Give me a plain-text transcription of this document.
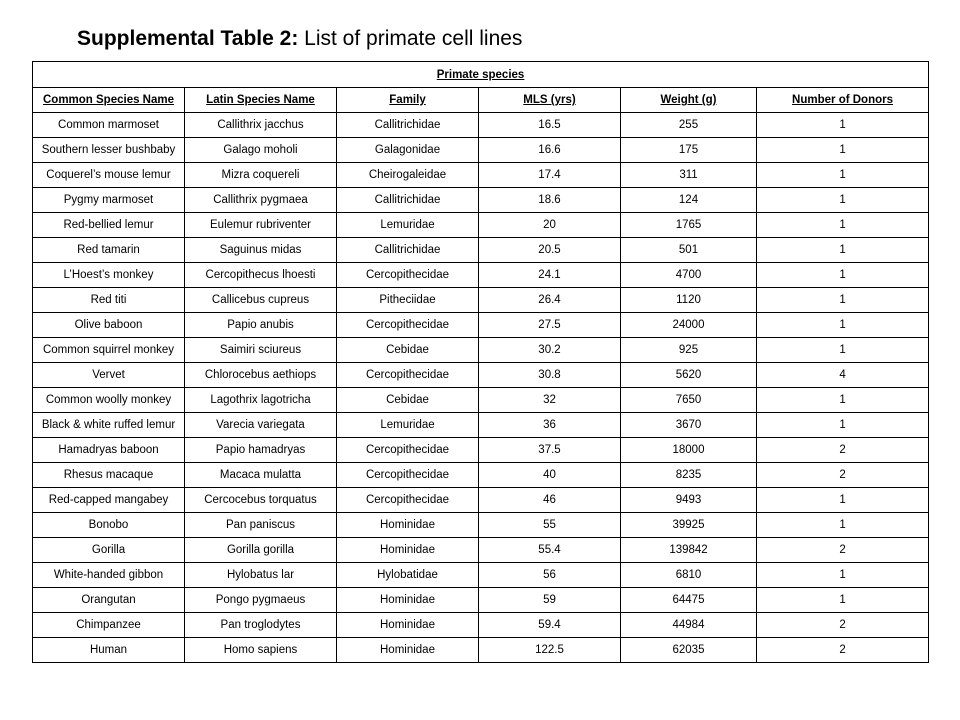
Supplemental Table 2: List of primate cell lines
Primate species					
Common Species Name	Latin Species Name	Family	MLS (yrs)	Weight (g)	Number of Donors
Common marmoset	Callithrix jacchus	Callitrichidae	16.5	255	1
Southern lesser bushbaby	Galago moholi	Galagonidae	16.6	175	1
Coquerel’s mouse lemur	Mizra coquereli	Cheirogaleidae	17.4	311	1
Pygmy marmoset	Callithrix pygmaea	Callitrichidae	18.6	124	1
Red-bellied lemur	Eulemur rubriventer	Lemuridae	20	1765	1
Red tamarin	Saguinus midas	Callitrichidae	20.5	501	1
L’Hoest’s monkey	Cercopithecus lhoesti	Cercopithecidae	24.1	4700	1
Red titi	Callicebus cupreus	Pitheciidae	26.4	1120	1
Olive baboon	Papio anubis	Cercopithecidae	27.5	24000	1
Common squirrel monkey	Saimiri sciureus	Cebidae	30.2	925	1
Vervet	Chlorocebus aethiops	Cercopithecidae	30.8	5620	4
Common woolly monkey	Lagothrix lagotricha	Cebidae	32	7650	1
Black & white ruffed lemur	Varecia variegata	Lemuridae	36	3670	1
Hamadryas baboon	Papio hamadryas	Cercopithecidae	37.5	18000	2
Rhesus macaque	Macaca mulatta	Cercopithecidae	40	8235	2
Red-capped mangabey	Cercocebus torquatus	Cercopithecidae	46	9493	1
Bonobo	Pan paniscus	Hominidae	55	39925	1
Gorilla	Gorilla gorilla	Hominidae	55.4	139842	2
White-handed gibbon	Hylobatus lar	Hylobatidae	56	6810	1
Orangutan	Pongo pygmaeus	Hominidae	59	64475	1
Chimpanzee	Pan troglodytes	Hominidae	59.4	44984	2
Human	Homo sapiens	Hominidae	122.5	62035	2
